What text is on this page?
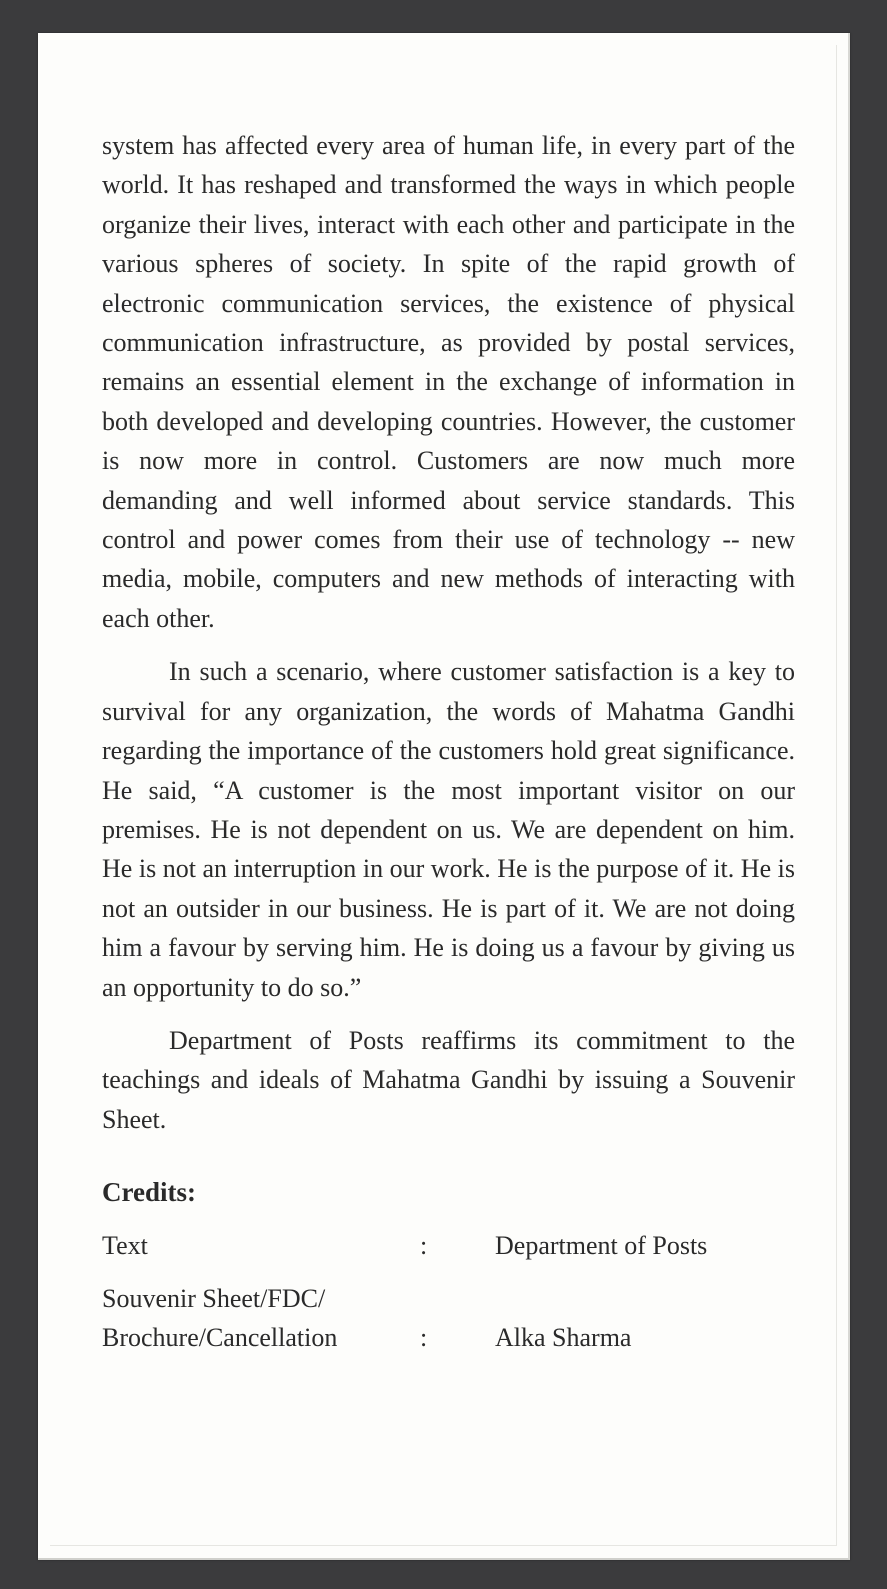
system has affected every area of human life, in every part of the world. It has reshaped and transformed the ways in which people organize their lives, interact with each other and participate in the various spheres of society. In spite of the rapid growth of electronic communication services, the existence of physical communication infrastructure, as provided by postal services, remains an essential element in the exchange of information in both developed and developing countries. However, the customer is now more in control. Customers are now much more demanding and well informed about service standards. This control and power comes from their use of technology -- new media, mobile, computers and new methods of interacting with each other.

In such a scenario, where customer satisfaction is a key to survival for any organization, the words of Mahatma Gandhi regarding the importance of the customers hold great significance. He said, “A customer is the most important visitor on our premises. He is not dependent on us. We are dependent on him. He is not an interruption in our work. He is the purpose of it. He is not an outsider in our business. He is part of it. We are not doing him a favour by serving him. He is doing us a favour by giving us an opportunity to do so.”

Department of Posts reaffirms its commitment to the teachings and ideals of Mahatma Gandhi by issuing a Souvenir Sheet.

Credits:
Text	:	Department of Posts
Souvenir Sheet/FDC/
Brochure/Cancellation	:	Alka Sharma
